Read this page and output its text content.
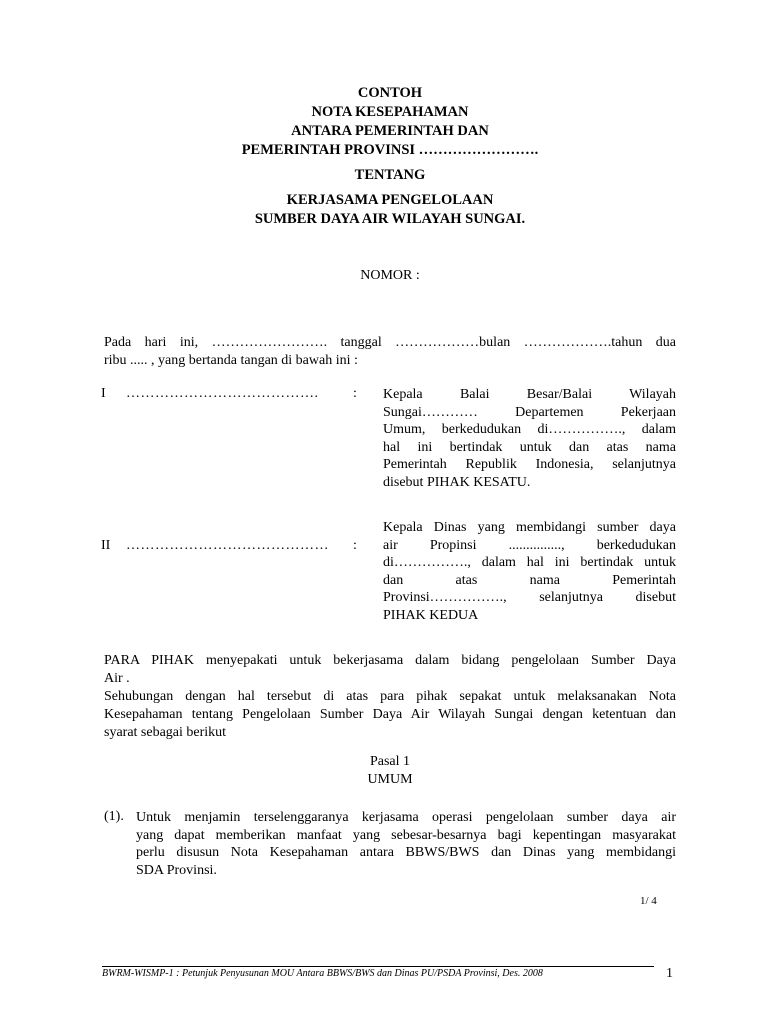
CONTOH
NOTA KESEPAHAMAN
ANTARA PEMERINTAH DAN
PEMERINTAH PROVINSI …………………….
TENTANG
KERJASAMA PENGELOLAAN
SUMBER DAYA AIR WILAYAH SUNGAI.
NOMOR :
Pada hari ini, ……………………. tanggal ………………bulan ……………….tahun dua
ribu ..... , yang bertanda tangan di bawah ini :
I ………………………………….	: Kepala Balai Besar/Balai Wilayah
Sungai………… Departemen Pekerjaan
Umum, berkedudukan di……………., dalam
hal ini bertindak untuk dan atas nama
Pemerintah Republik Indonesia, selanjutnya
disebut PIHAK KESATU.
II ……………………………………	:
Kepala Dinas yang membidangi sumber daya
air Propinsi ..............., berkedudukan
di……………., dalam hal ini bertindak untuk
dan atas nama Pemerintah
Provinsi……………., selanjutnya disebut
PIHAK KEDUA
PARA PIHAK menyepakati untuk bekerjasama dalam bidang pengelolaan Sumber Daya
Air .
Sehubungan dengan hal tersebut di atas para pihak sepakat untuk melaksanakan Nota
Kesepahaman tentang Pengelolaan Sumber Daya Air Wilayah Sungai dengan ketentuan dan
syarat sebagai berikut
Pasal 1
UMUM
(1). Untuk menjamin terselenggaranya kerjasama operasi pengelolaan sumber daya air
yang dapat memberikan manfaat yang sebesar-besarnya bagi kepentingan masyarakat
perlu disusun Nota Kesepahaman antara BBWS/BWS dan Dinas yang membidangi
SDA Provinsi.
1/ 4
BWRM-WISMP-1 : Petunjuk Penyusunan MOU Antara BBWS/BWS dan Dinas PU/PSDA Provinsi, Des. 2008	1
